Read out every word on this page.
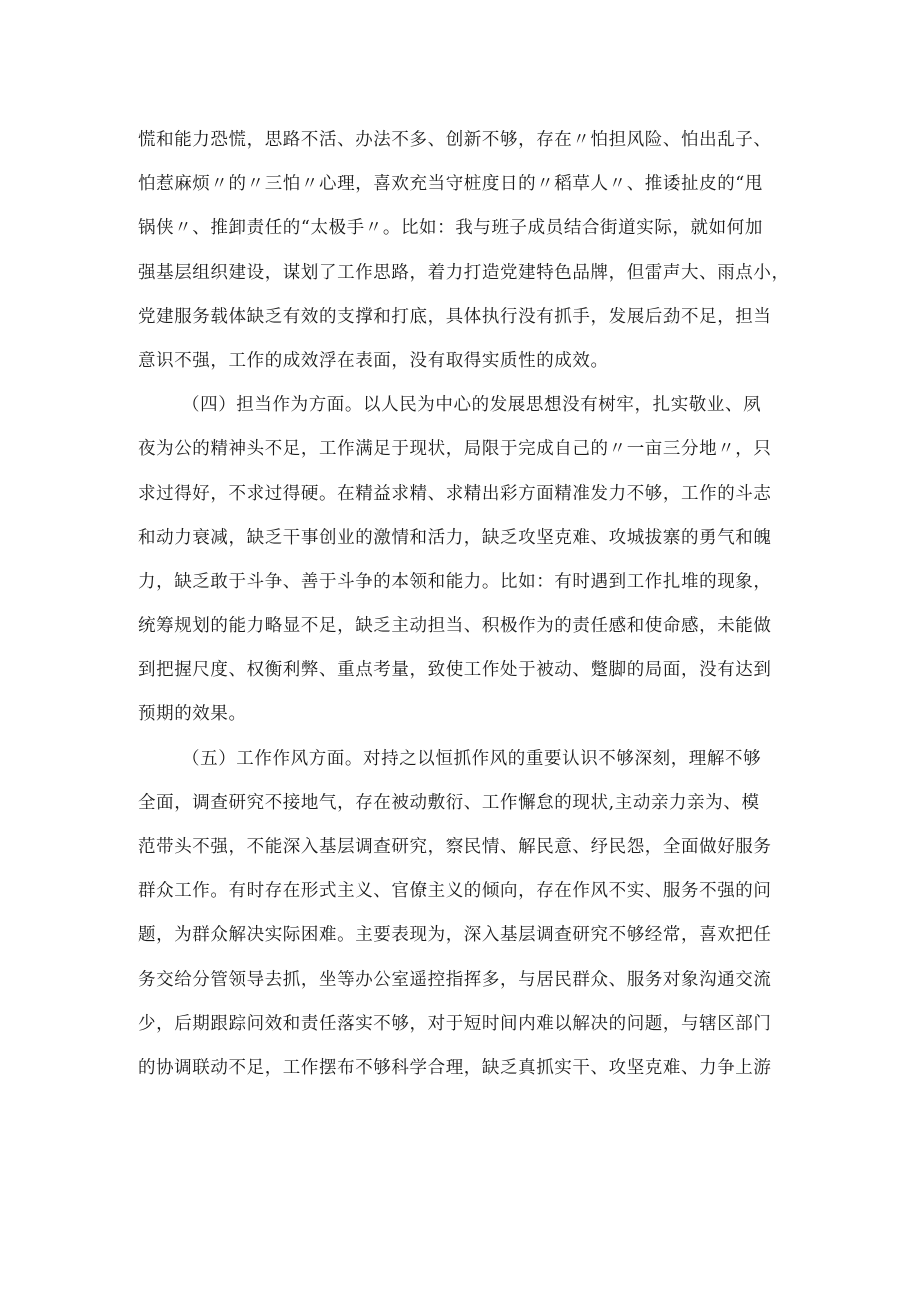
慌和能力恐慌，思路不活、办法不多、创新不够，存在〃怕担风险、怕出乱子、
怕惹麻烦〃的〃三怕〃心理，喜欢充当守桩度日的〃稻草人〃、推诿扯皮的“甩
锅侠〃、推卸责任的“太极手〃。比如：我与班子成员结合街道实际，就如何加
强基层组织建设，谋划了工作思路，着力打造党建特色品牌，但雷声大、雨点小，
党建服务载体缺乏有效的支撑和打底，具体执行没有抓手，发展后劲不足，担当
意识不强，工作的成效浮在表面，没有取得实质性的成效。

（四）担当作为方面。以人民为中心的发展思想没有树牢，扎实敬业、夙
夜为公的精神头不足，工作满足于现状，局限于完成自己的〃一亩三分地〃，只
求过得好，不求过得硬。在精益求精、求精出彩方面精准发力不够，工作的斗志
和动力衰减，缺乏干事创业的激情和活力，缺乏攻坚克难、攻城拔寨的勇气和魄
力，缺乏敢于斗争、善于斗争的本领和能力。比如：有时遇到工作扎堆的现象，
统筹规划的能力略显不足，缺乏主动担当、积极作为的责任感和使命感，未能做
到把握尺度、权衡利弊、重点考量，致使工作处于被动、蹩脚的局面，没有达到
预期的效果。

（五）工作作风方面。对持之以恒抓作风的重要认识不够深刻，理解不够
全面，调查研究不接地气，存在被动敷衍、工作懈怠的现状,主动亲力亲为、模
范带头不强，不能深入基层调查研究，察民情、解民意、纾民怨，全面做好服务
群众工作。有时存在形式主义、官僚主义的倾向，存在作风不实、服务不强的问
题，为群众解决实际困难。主要表现为，深入基层调查研究不够经常，喜欢把任
务交给分管领导去抓，坐等办公室遥控指挥多，与居民群众、服务对象沟通交流
少，后期跟踪问效和责任落实不够，对于短时间内难以解决的问题，与辖区部门
的协调联动不足，工作摆布不够科学合理，缺乏真抓实干、攻坚克难、力争上游
